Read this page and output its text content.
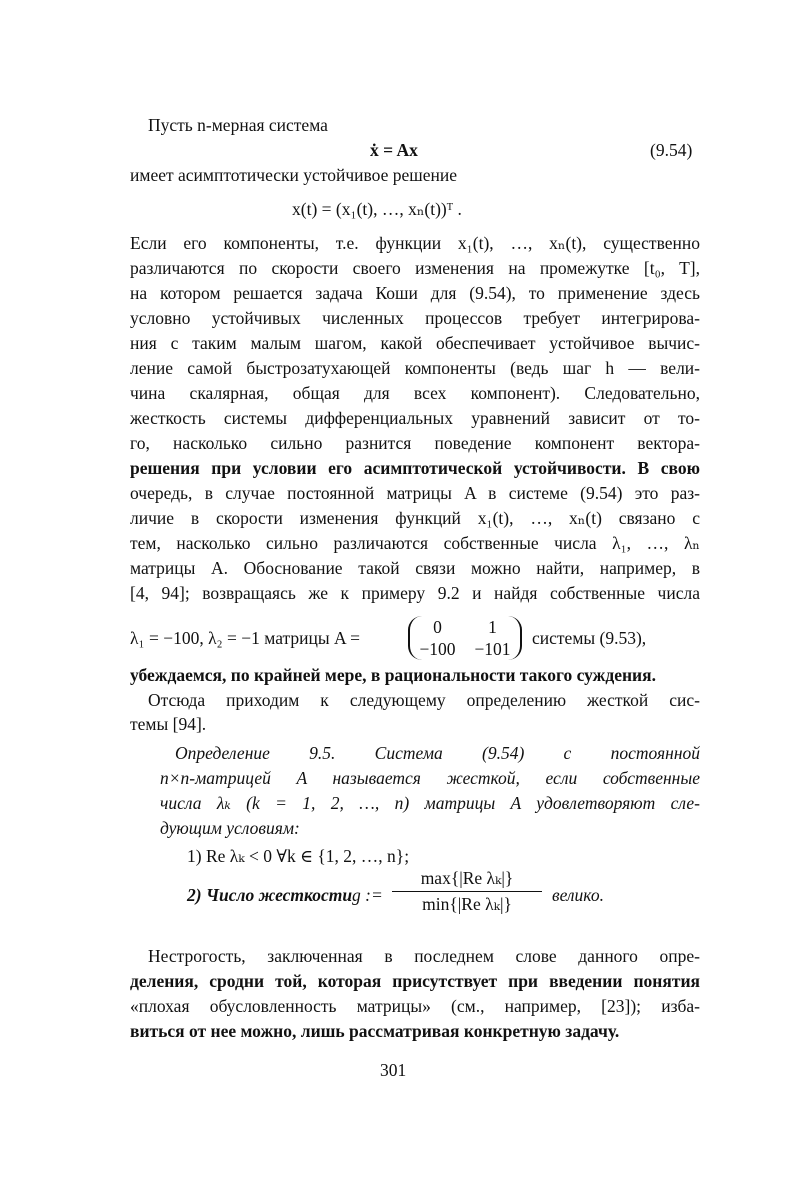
Пусть n-мерная система
ẋ = Ax	(9.54)
имеет асимптотически устойчивое решение
x(t) = (x₁(t), …, xₙ(t))ᵀ .
Если его компоненты, т.е. функции x₁(t), …, xₙ(t), существенно
различаются по скорости своего изменения на промежутке [t₀, T],
на котором решается задача Коши для (9.54), то применение здесь
условно устойчивых численных процессов требует интегрирова-
ния с таким малым шагом, какой обеспечивает устойчивое вычис-
ление самой быстрозатухающей компоненты (ведь шаг h — вели-
чина скалярная, общая для всех компонент). Следовательно,
жесткость системы дифференциальных уравнений зависит от то-
го, насколько сильно разнится поведение компонент вектора-
решения при условии его асимптотической устойчивости. В свою
очередь, в случае постоянной матрицы A в системе (9.54) это раз-
личие в скорости изменения функций x₁(t), …, xₙ(t) связано с
тем, насколько сильно различаются собственные числа λ₁, …, λₙ
матрицы A. Обоснование такой связи можно найти, например, в
[4, 94]; возвращаясь же к примеру 9.2 и найдя собственные числа
λ₁ = −100, λ₂ = −1 матрицы A =
0	1
−100 −101
системы (9.53),
убеждаемся, по крайней мере, в рациональности такого суждения.
Отсюда приходим к следующему определению жесткой сис-
темы [94].
Определение 9.5. Система (9.54) с постоянной
n×n-матрицей A называется жесткой, если собственные
числа λₖ (k = 1, 2, …, n) матрицы A удовлетворяют сле-
дующим условиям:
1) Re λₖ < 0 ∀k ∈ {1, 2, …, n};
2) Число жесткости g :=
max{|Re λₖ|}
min{|Re λₖ|}	велико.
Нестрогость, заключенная в последнем слове данного опре-
деления, сродни той, которая присутствует при введении понятия
«плохая обусловленность матрицы» (см., например, [23]); изба-
виться от нее можно, лишь рассматривая конкретную задачу.
301
